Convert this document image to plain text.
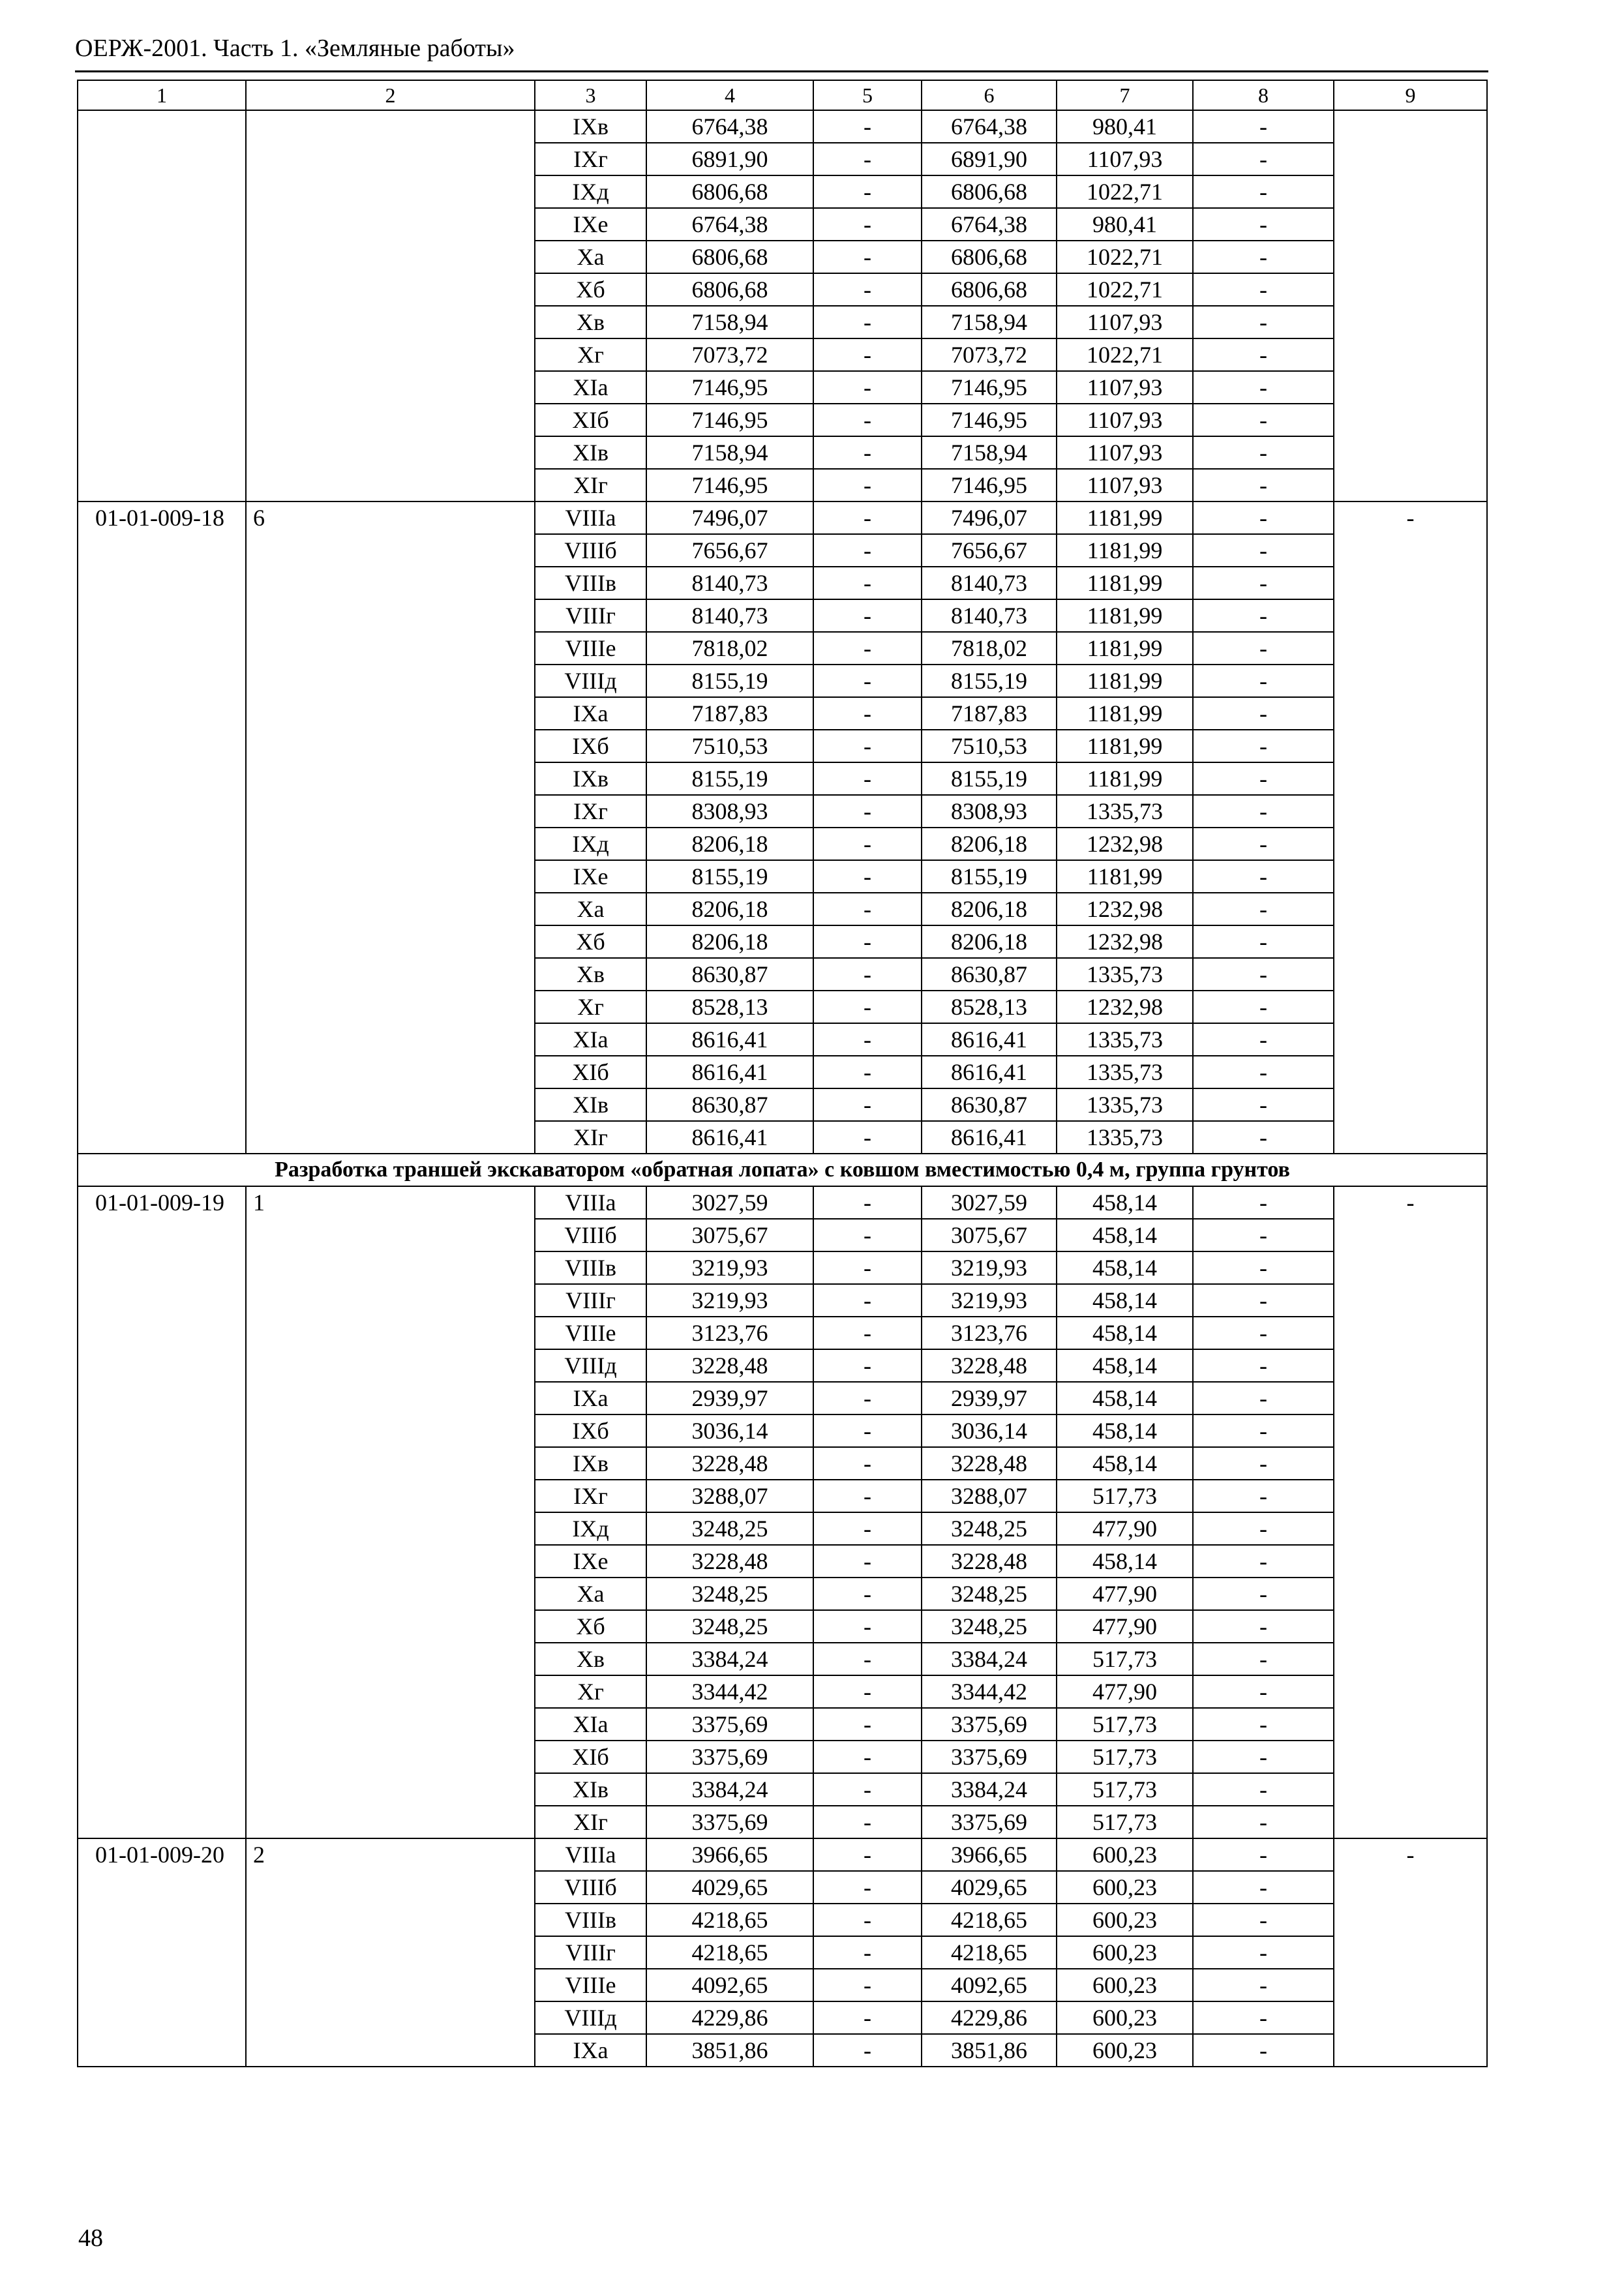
ОЕРЖ-2001. Часть 1. «Земляные работы»
1	2	3	4	5	6	7	8	9
		IXв	6764,38	-	6764,38	980,41	-	
		IXг	6891,90	-	6891,90	1107,93	-	
		IXд	6806,68	-	6806,68	1022,71	-	
		IXе	6764,38	-	6764,38	980,41	-	
		Xа	6806,68	-	6806,68	1022,71	-	
		Xб	6806,68	-	6806,68	1022,71	-	
		Xв	7158,94	-	7158,94	1107,93	-	
		Xг	7073,72	-	7073,72	1022,71	-	
		XIа	7146,95	-	7146,95	1107,93	-	
		XIб	7146,95	-	7146,95	1107,93	-	
		XIв	7158,94	-	7158,94	1107,93	-	
		XIг	7146,95	-	7146,95	1107,93	-	
01-01-009-18	6	VIIIа	7496,07	-	7496,07	1181,99	-	-
		VIIIб	7656,67	-	7656,67	1181,99	-	
		VIIIв	8140,73	-	8140,73	1181,99	-	
		VIIIг	8140,73	-	8140,73	1181,99	-	
		VIIIе	7818,02	-	7818,02	1181,99	-	
		VIIIд	8155,19	-	8155,19	1181,99	-	
		IXа	7187,83	-	7187,83	1181,99	-	
		IXб	7510,53	-	7510,53	1181,99	-	
		IXв	8155,19	-	8155,19	1181,99	-	
		IXг	8308,93	-	8308,93	1335,73	-	
		IXд	8206,18	-	8206,18	1232,98	-	
		IXе	8155,19	-	8155,19	1181,99	-	
		Xа	8206,18	-	8206,18	1232,98	-	
		Xб	8206,18	-	8206,18	1232,98	-	
		Xв	8630,87	-	8630,87	1335,73	-	
		Xг	8528,13	-	8528,13	1232,98	-	
		XIа	8616,41	-	8616,41	1335,73	-	
		XIб	8616,41	-	8616,41	1335,73	-	
		XIв	8630,87	-	8630,87	1335,73	-	
		XIг	8616,41	-	8616,41	1335,73	-	
Разработка траншей экскаватором «обратная лопата» с ковшом вместимостью 0,4 м, группа грунтов								
01-01-009-19	1	VIIIа	3027,59	-	3027,59	458,14	-	-
		VIIIб	3075,67	-	3075,67	458,14	-	
		VIIIв	3219,93	-	3219,93	458,14	-	
		VIIIг	3219,93	-	3219,93	458,14	-	
		VIIIе	3123,76	-	3123,76	458,14	-	
		VIIIд	3228,48	-	3228,48	458,14	-	
		IXа	2939,97	-	2939,97	458,14	-	
		IXб	3036,14	-	3036,14	458,14	-	
		IXв	3228,48	-	3228,48	458,14	-	
		IXг	3288,07	-	3288,07	517,73	-	
		IXд	3248,25	-	3248,25	477,90	-	
		IXе	3228,48	-	3228,48	458,14	-	
		Xа	3248,25	-	3248,25	477,90	-	
		Xб	3248,25	-	3248,25	477,90	-	
		Xв	3384,24	-	3384,24	517,73	-	
		Xг	3344,42	-	3344,42	477,90	-	
		XIа	3375,69	-	3375,69	517,73	-	
		XIб	3375,69	-	3375,69	517,73	-	
		XIв	3384,24	-	3384,24	517,73	-	
		XIг	3375,69	-	3375,69	517,73	-	
01-01-009-20	2	VIIIа	3966,65	-	3966,65	600,23	-	-
		VIIIб	4029,65	-	4029,65	600,23	-	
		VIIIв	4218,65	-	4218,65	600,23	-	
		VIIIг	4218,65	-	4218,65	600,23	-	
		VIIIе	4092,65	-	4092,65	600,23	-	
		VIIIд	4229,86	-	4229,86	600,23	-	
		IXа	3851,86	-	3851,86	600,23	-	
48
